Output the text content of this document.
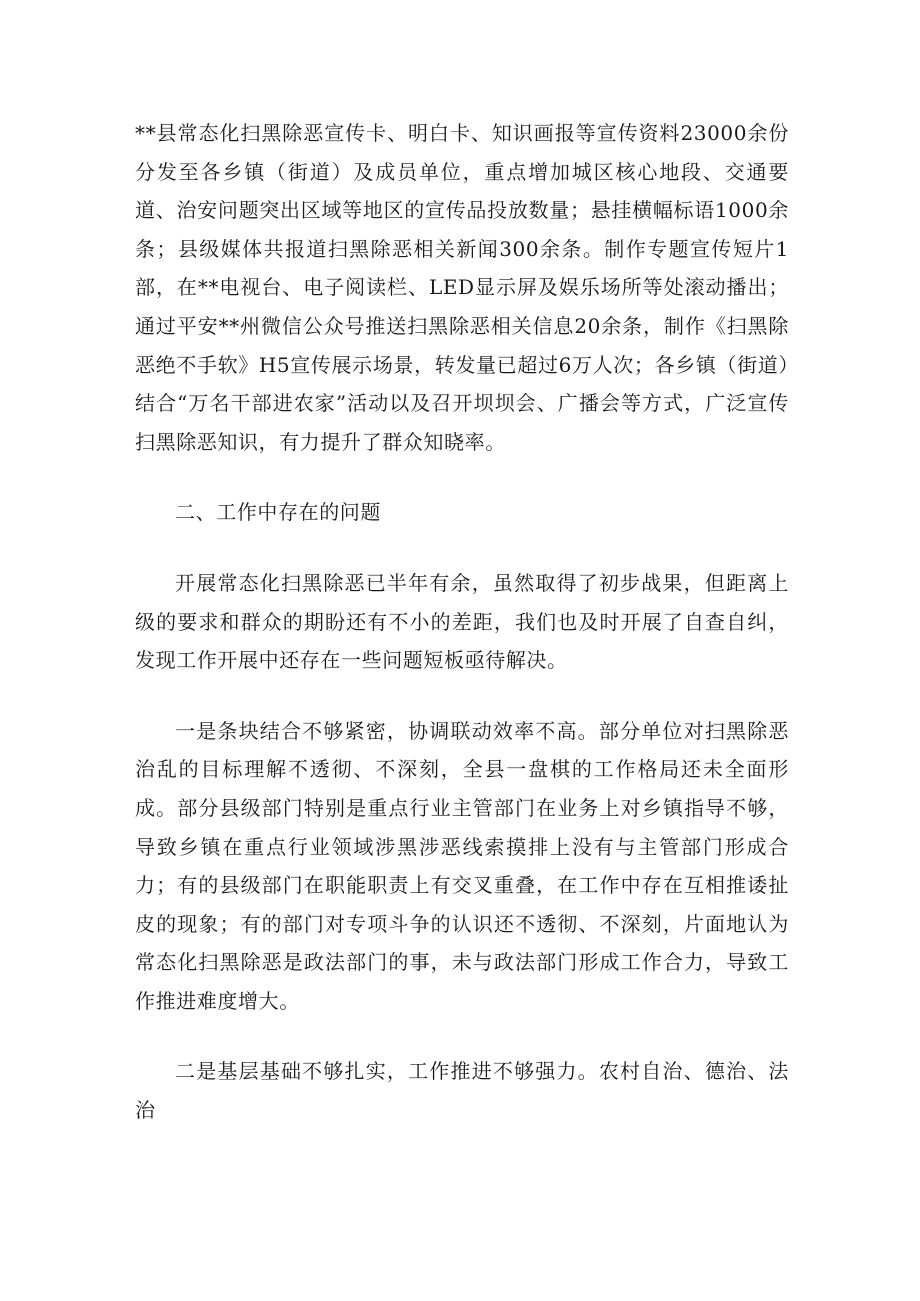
**县常态化扫黑除恶宣传卡、明白卡、知识画报等宣传资料23000余份分发至各乡镇（街道）及成员单位，重点增加城区核心地段、交通要道、治安问题突出区域等地区的宣传品投放数量；悬挂横幅标语1000余条；县级媒体共报道扫黑除恶相关新闻300余条。制作专题宣传短片1部，在**电视台、电子阅读栏、LED显示屏及娱乐场所等处滚动播出；通过平安**州微信公众号推送扫黑除恶相关信息20余条，制作《扫黑除恶绝不手软》H5宣传展示场景，转发量已超过6万人次；各乡镇（街道）结合“万名干部进农家”活动以及召开坝坝会、广播会等方式，广泛宣传扫黑除恶知识，有力提升了群众知晓率。

二、工作中存在的问题

开展常态化扫黑除恶已半年有余，虽然取得了初步战果，但距离上级的要求和群众的期盼还有不小的差距，我们也及时开展了自查自纠，发现工作开展中还存在一些问题短板亟待解决。

一是条块结合不够紧密，协调联动效率不高。部分单位对扫黑除恶治乱的目标理解不透彻、不深刻，全县一盘棋的工作格局还未全面形成。部分县级部门特别是重点行业主管部门在业务上对乡镇指导不够，导致乡镇在重点行业领域涉黑涉恶线索摸排上没有与主管部门形成合力；有的县级部门在职能职责上有交叉重叠，在工作中存在互相推诿扯皮的现象；有的部门对专项斗争的认识还不透彻、不深刻，片面地认为常态化扫黑除恶是政法部门的事，未与政法部门形成工作合力，导致工作推进难度增大。

二是基层基础不够扎实，工作推进不够强力。农村自治、德治、法治
